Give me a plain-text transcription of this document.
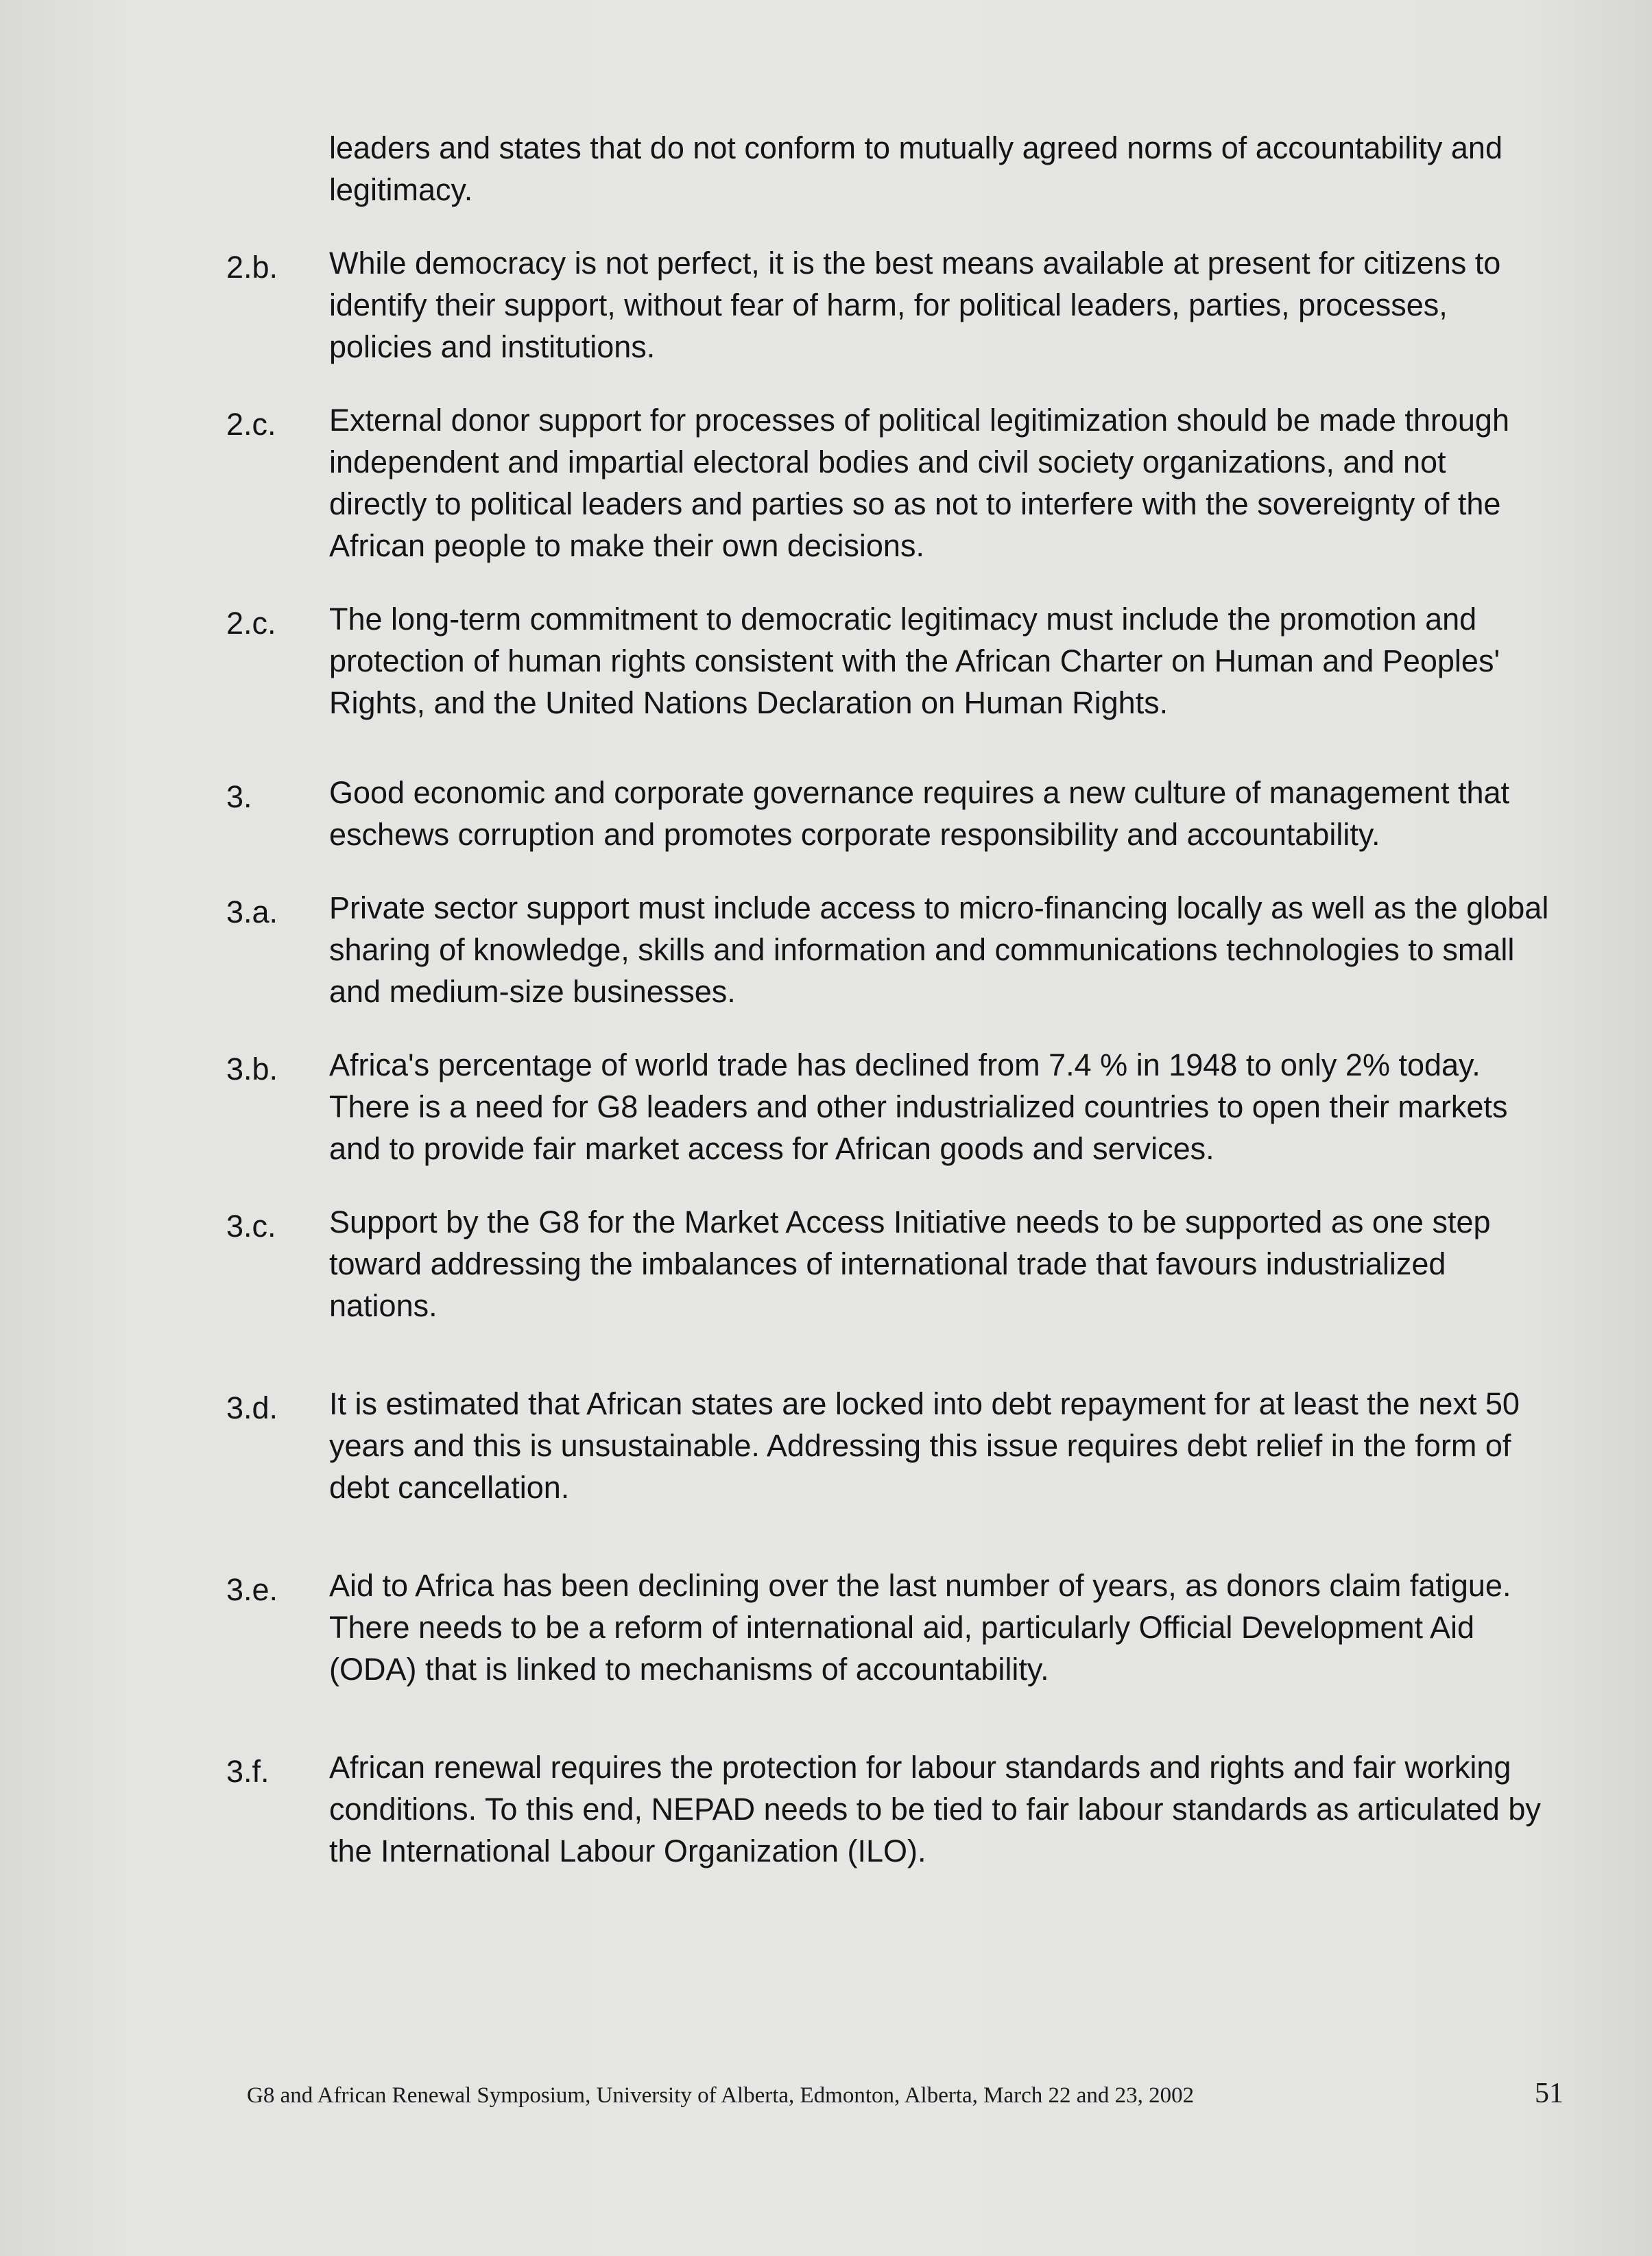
leaders and states that do not conform to mutually agreed norms of accountability and legitimacy.
2.b.	While democracy is not perfect, it is the best means available at present for citizens to identify their support, without fear of harm, for political leaders, parties, processes, policies and institutions.
2.c.	External donor support for processes of political legitimization should be made through independent and impartial electoral bodies and civil society organizations, and not directly to political leaders and parties so as not to interfere with the sovereignty of the African people to make their own decisions.
2.c.	The long-term commitment to democratic legitimacy must include the promotion and protection of human rights consistent with the African Charter on Human and Peoples' Rights, and the United Nations Declaration on Human Rights.
3.	Good economic and corporate governance requires a new culture of management that eschews corruption and promotes corporate responsibility and accountability.
3.a.	Private sector support must include access to micro-financing locally as well as the global sharing of knowledge, skills and information and communications technologies to small and medium-size businesses.
3.b.	Africa's percentage of world trade has declined from 7.4 % in 1948 to only 2% today. There is a need for G8 leaders and other industrialized countries to open their markets and to provide fair market access for African goods and services.
3.c.	Support by the G8 for the Market Access Initiative needs to be supported as one step toward addressing the imbalances of international trade that favours industrialized nations.
3.d.	It is estimated that African states are locked into debt repayment for at least the next 50 years and this is unsustainable. Addressing this issue requires debt relief in the form of debt cancellation.
3.e.	Aid to Africa has been declining over the last number of years, as donors claim fatigue. There needs to be a reform of international aid, particularly Official Development Aid (ODA) that is linked to mechanisms of accountability.
3.f.	African renewal requires the protection for labour standards and rights and fair working conditions. To this end, NEPAD needs to be tied to fair labour standards as articulated by the International Labour Organization (ILO).
G8 and African Renewal Symposium, University of Alberta, Edmonton, Alberta, March 22 and 23, 2002	51
